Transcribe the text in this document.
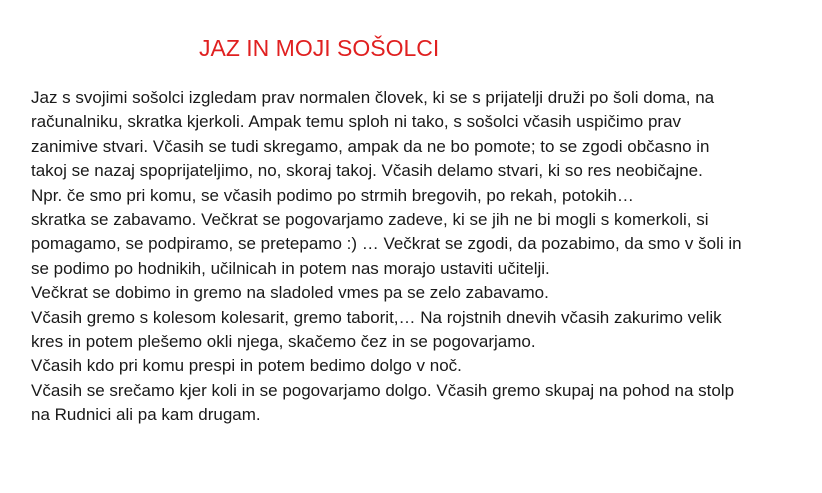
JAZ IN MOJI SOŠOLCI
Jaz s svojimi sošolci izgledam prav normalen človek, ki se s prijatelji druži po šoli doma, na
računalniku, skratka kjerkoli. Ampak temu sploh ni tako, s sošolci včasih uspičimo prav
zanimive stvari. Včasih se tudi skregamo, ampak da ne bo pomote; to se zgodi občasno in
takoj se nazaj spoprijateljimo, no, skoraj takoj. Včasih delamo stvari, ki so res neobičajne.
Npr. če smo pri komu, se včasih podimo po strmih bregovih, po rekah, potokih…
skratka se zabavamo. Večkrat se pogovarjamo zadeve, ki se jih ne bi mogli s komerkoli, si
pomagamo, se podpiramo, se pretepamo :) … Večkrat se zgodi, da pozabimo, da smo v šoli in
se podimo po hodnikih, učilnicah in potem nas morajo ustaviti učitelji.
Večkrat se dobimo in gremo na sladoled vmes pa se zelo zabavamo.
Včasih gremo s kolesom kolesarit, gremo taborit,… Na rojstnih dnevih včasih zakurimo velik
kres in potem plešemo okli njega, skačemo čez in se pogovarjamo.
Včasih kdo pri komu prespi in potem bedimo dolgo v noč.
Včasih se srečamo kjer koli in se pogovarjamo dolgo. Včasih gremo skupaj na pohod na stolp
na Rudnici ali pa kam drugam.
